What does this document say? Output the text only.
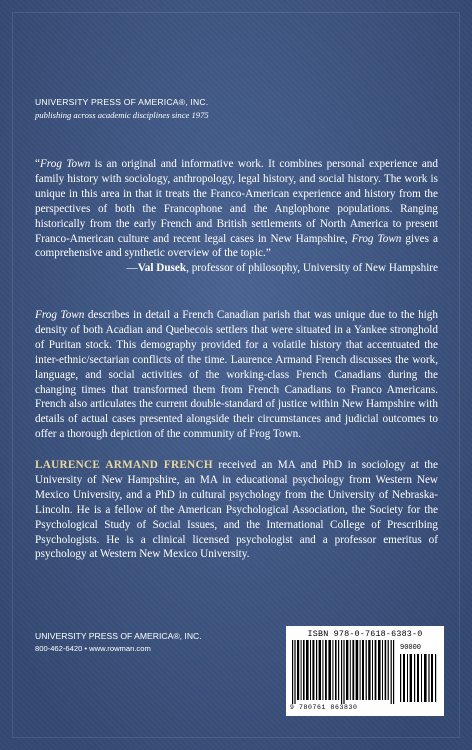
UNIVERSITY PRESS OF AMERICA®, INC.
publishing across academic disciplines since 1975

“Frog Town is an original and informative work. It combines personal experience and family history with sociology, anthropology, legal history, and social history. The work is unique in this area in that it treats the Franco-American experience and history from the perspectives of both the Francophone and the Anglophone populations. Ranging historically from the early French and British settlements of North America to present Franco-American culture and recent legal cases in New Hampshire, Frog Town gives a comprehensive and synthetic overview of the topic.”

—Val Dusek, professor of philosophy, University of New Hampshire

Frog Town describes in detail a French Canadian parish that was unique due to the high density of both Acadian and Quebecois settlers that were situated in a Yankee stronghold of Puritan stock. This demography provided for a volatile history that accentuated the inter-ethnic/sectarian conflicts of the time. Laurence Armand French discusses the work, language, and social activities of the working-class French Canadians during the changing times that transformed them from French Canadians to Franco Americans. French also articulates the current double-standard of justice within New Hampshire with details of actual cases presented alongside their circumstances and judicial outcomes to offer a thorough depiction of the community of Frog Town.

LAURENCE ARMAND FRENCH received an MA and PhD in sociology at the University of New Hampshire, an MA in educational psychology from Western New Mexico University, and a PhD in cultural psychology from the University of Nebraska-Lincoln. He is a fellow of the American Psychological Association, the Society for the Psychological Study of Social Issues, and the International College of Prescribing Psychologists. He is a clinical licensed psychologist and a professor emeritus of psychology at Western New Mexico University.

UNIVERSITY PRESS OF AMERICA®, INC.
800-462-6420 • www.rowman.com
ISBN 978-0-7618-6383-0
90000
9 780761 863830
